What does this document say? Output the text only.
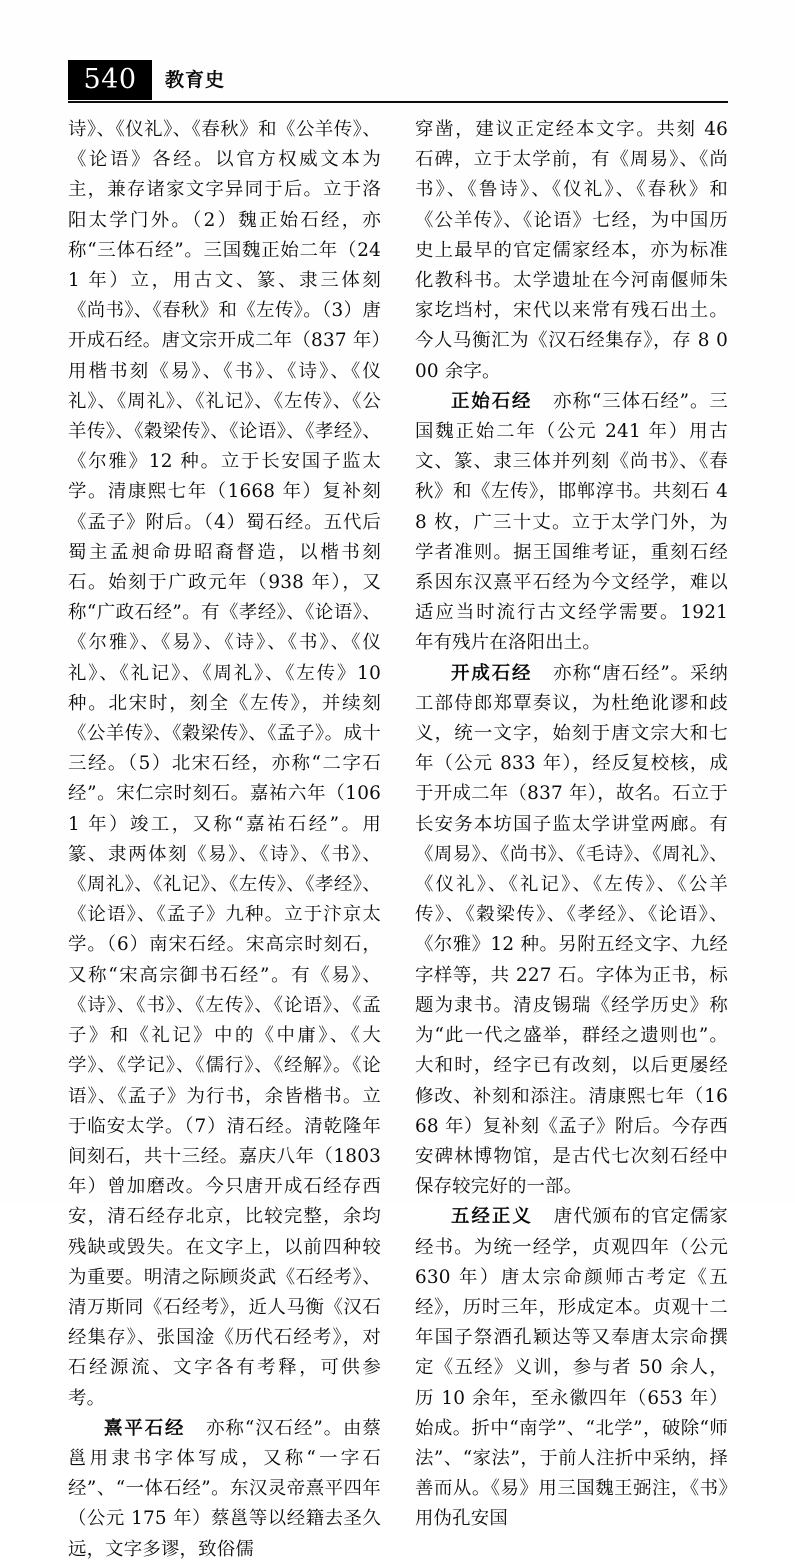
540	教育史

诗》、《仪礼》、《春秋》和《公羊传》、《论语》各经。以官方权威文本为主，兼存诸家文字异同于后。立于洛阳太学门外。（2）魏正始石经，亦称“三体石经”。三国魏正始二年（241 年）立，用古文、篆、隶三体刻《尚书》、《春秋》和《左传》。（3）唐开成石经。唐文宗开成二年（837 年）用楷书刻《易》、《书》、《诗》、《仪礼》、《周礼》、《礼记》、《左传》、《公羊传》、《穀梁传》、《论语》、《孝经》、《尔雅》12 种。立于长安国子监太学。清康熙七年（1668 年）复补刻《孟子》附后。（4）蜀石经。五代后蜀主孟昶命毋昭裔督造，以楷书刻石。始刻于广政元年（938 年），又称“广政石经”。有《孝经》、《论语》、《尔雅》、《易》、《诗》、《书》、《仪礼》、《礼记》、《周礼》、《左传》10 种。北宋时，刻全《左传》，并续刻《公羊传》、《穀梁传》、《孟子》。成十三经。（5）北宋石经，亦称“二字石经”。宋仁宗时刻石。嘉祐六年（1061 年）竣工，又称“嘉祐石经”。用篆、隶两体刻《易》、《诗》、《书》、《周礼》、《礼记》、《左传》、《孝经》、《论语》、《孟子》九种。立于汴京太学。（6）南宋石经。宋高宗时刻石，又称“宋高宗御书石经”。有《易》、《诗》、《书》、《左传》、《论语》、《孟子》和《礼记》中的《中庸》、《大学》、《学记》、《儒行》、《经解》。《论语》、《孟子》为行书，余皆楷书。立于临安太学。（7）清石经。清乾隆年间刻石，共十三经。嘉庆八年（1803 年）曾加磨改。今只唐开成石经存西安，清石经存北京，比较完整，余均残缺或毁失。在文字上，以前四种较为重要。明清之际顾炎武《石经考》、清万斯同《石经考》，近人马衡《汉石经集存》、张国淦《历代石经考》，对石经源流、文字各有考释，可供参考。

熹平石经 亦称“汉石经”。由蔡邕用隶书字体写成，又称“一字石经”、“一体石经”。东汉灵帝熹平四年（公元 175 年）蔡邕等以经籍去圣久远，文字多谬，致俗儒

穿凿，建议正定经本文字。共刻 46 石碑，立于太学前，有《周易》、《尚书》、《鲁诗》、《仪礼》、《春秋》和《公羊传》、《论语》七经，为中国历史上最早的官定儒家经本，亦为标准化教科书。太学遗址在今河南偃师朱家圪垱村，宋代以来常有残石出土。今人马衡汇为《汉石经集存》，存 8 000 余字。

正始石经 亦称“三体石经”。三国魏正始二年（公元 241 年）用古文、篆、隶三体并列刻《尚书》、《春秋》和《左传》，邯郸淳书。共刻石 48 枚，广三十丈。立于太学门外，为学者准则。据王国维考证，重刻石经系因东汉熹平石经为今文经学，难以适应当时流行古文经学需要。1921 年有残片在洛阳出土。

开成石经 亦称“唐石经”。采纳工部侍郎郑覃奏议，为杜绝讹谬和歧义，统一文字，始刻于唐文宗大和七年（公元 833 年），经反复校核，成于开成二年（837 年），故名。石立于长安务本坊国子监太学讲堂两廊。有《周易》、《尚书》、《毛诗》、《周礼》、《仪礼》、《礼记》、《左传》、《公羊传》、《穀梁传》、《孝经》、《论语》、《尔雅》12 种。另附五经文字、九经字样等，共 227 石。字体为正书，标题为隶书。清皮锡瑞《经学历史》称为“此一代之盛举，群经之遗则也”。大和时，经字已有改刻，以后更屡经修改、补刻和添注。清康熙七年（1668 年）复补刻《孟子》附后。今存西安碑林博物馆，是古代七次刻石经中保存较完好的一部。

五经正义 唐代颁布的官定儒家经书。为统一经学，贞观四年（公元 630 年）唐太宗命颜师古考定《五经》，历时三年，形成定本。贞观十二年国子祭酒孔颖达等又奉唐太宗命撰定《五经》义训，参与者 50 余人，历 10 余年，至永徽四年（653 年）始成。折中“南学”、“北学”，破除“师法”、“家法”，于前人注折中采纳，择善而从。《易》用三国魏王弼注，《书》用伪孔安国
